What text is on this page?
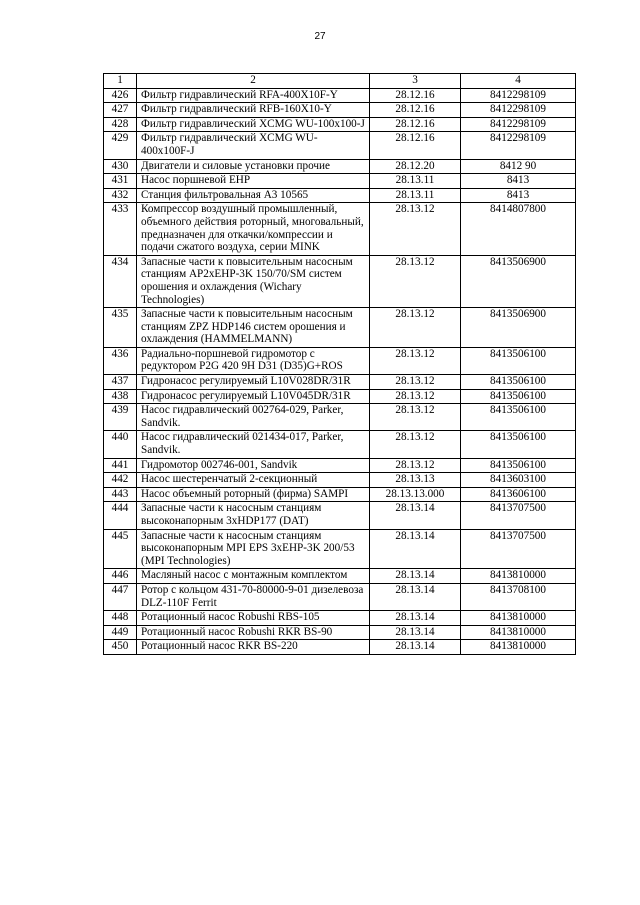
27
1	2	3	4
426	Фильтр гидравлический RFA-400X10F-Y	28.12.16	8412298109
427	Фильтр гидравлический RFB-160X10-Y	28.12.16	8412298109
428	Фильтр гидравлический XCMG WU-100x100-J	28.12.16	8412298109
429	Фильтр гидравлический XCMG WU-400x100F-J	28.12.16	8412298109
430	Двигатели и силовые установки прочие	28.12.20	8412 90
431	Насос поршневой EHP	28.13.11	8413
432	Станция фильтровальная А3 10565	28.13.11	8413
433	Компрессор воздушный промышленный, объемного действия роторный, многовальный, предназначен для откачки/компрессии и подачи сжатого воздуха, серии MINK	28.13.12	8414807800
434	Запасные части к повысительным насосным станциям AP2xEHP-3K 150/70/SM систем орошения и охлаждения (Wichary Technologies)	28.13.12	8413506900
435	Запасные части к повысительным насосным станциям ZPZ HDP146 систем орошения и охлаждения (HAMMELMANN)	28.13.12	8413506900
436	Радиально-поршневой гидромотор с редуктором P2G 420 9H D31 (D35)G+ROS	28.13.12	8413506100
437	Гидронасос регулируемый L10V028DR/31R	28.13.12	8413506100
438	Гидронасос регулируемый L10V045DR/31R	28.13.12	8413506100
439	Насос гидравлический 002764-029, Parker, Sandvik.	28.13.12	8413506100
440	Насос гидравлический 021434-017, Parker, Sandvik.	28.13.12	8413506100
441	Гидромотор 002746-001, Sandvik	28.13.12	8413506100
442	Насос шестеренчатый 2-секционный	28.13.13	8413603100
443	Насос объемный роторный (фирма) SAMPI	28.13.13.000	8413606100
444	Запасные части к насосным станциям высоконапорным 3xHDP177 (DAT)	28.13.14	8413707500
445	Запасные части к насосным станциям высоконапорным MPI EPS 3xEHP-3K 200/53 (MPI Technologies)	28.13.14	8413707500
446	Масляный насос с монтажным комплектом	28.13.14	8413810000
447	Ротор с кольцом 431-70-80000-9-01 дизелевоза DLZ-110F Ferrit	28.13.14	8413708100
448	Ротационный насос Robushi RBS-105	28.13.14	8413810000
449	Ротационный насос Robushi RKR BS-90	28.13.14	8413810000
450	Ротационный насос RKR BS-220	28.13.14	8413810000
